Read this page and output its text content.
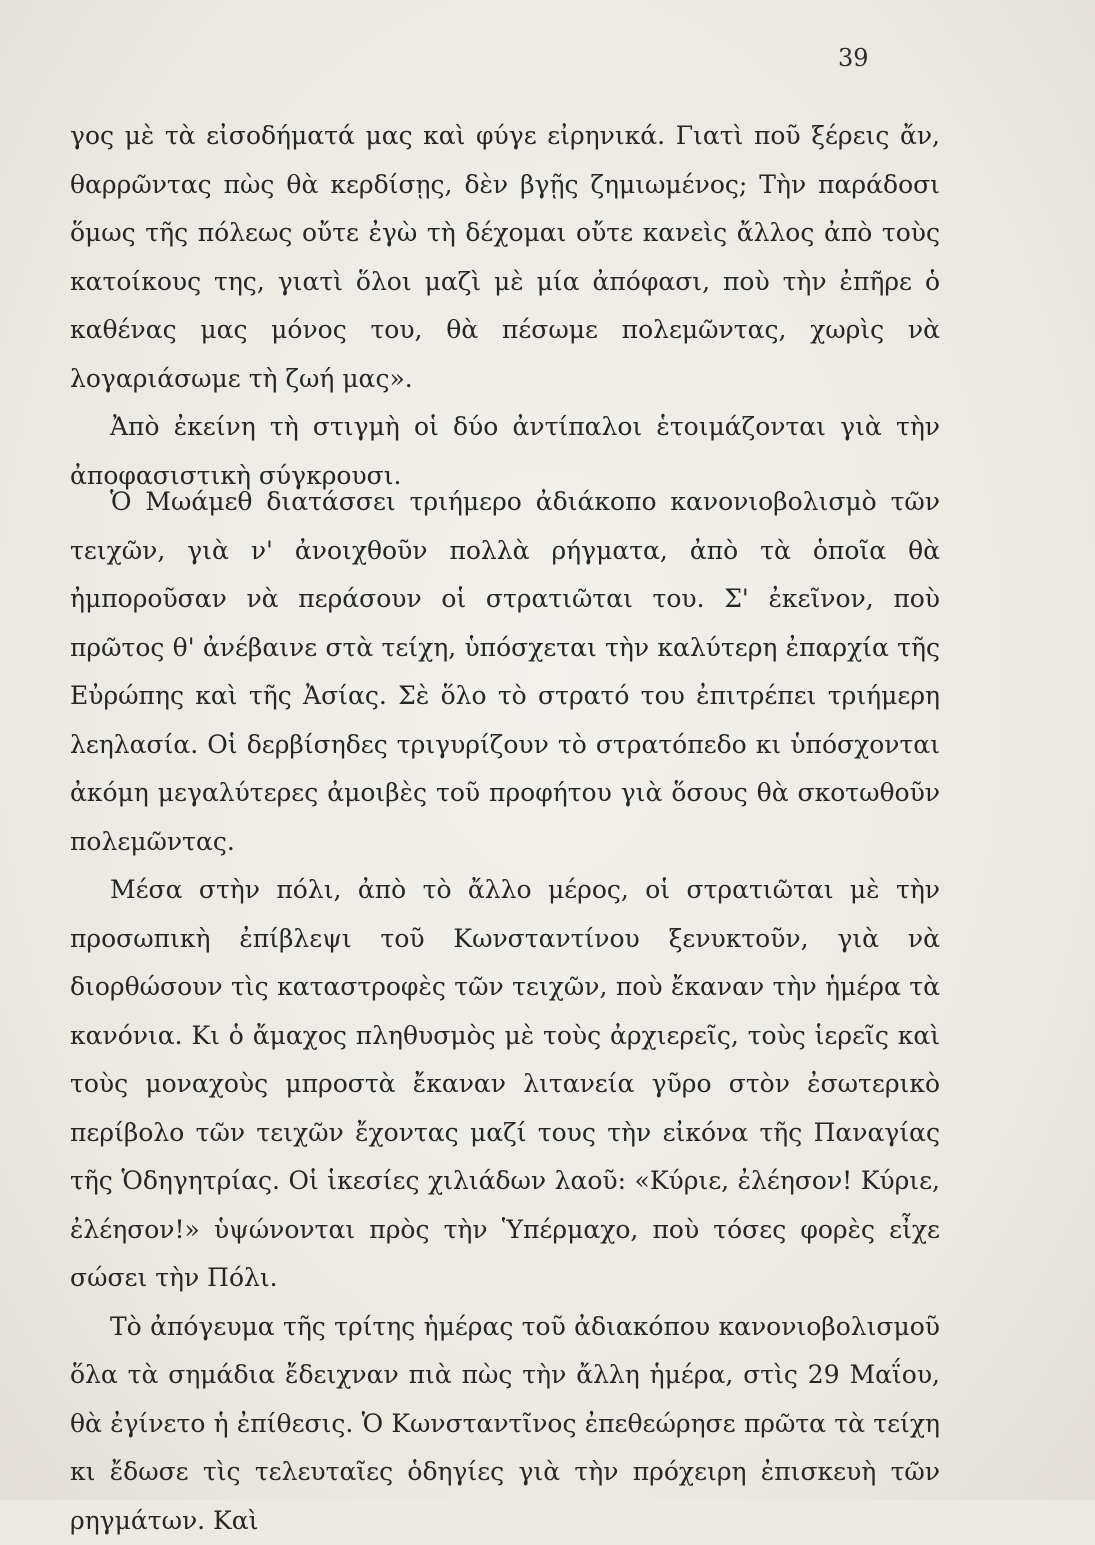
39

γος μὲ τὰ εἰσοδήματά μας καὶ φύγε εἰρηνικά. Γιατὶ ποῦ ξέρεις ἄν, θαρρῶντας πὼς θὰ κερδίσῃς, δὲν βγῇς ζημιωμένος; Τὴν παράδοσι ὅμως τῆς πόλεως οὔτε ἐγὼ τὴ δέχομαι οὔτε κανεὶς ἄλλος ἀπὸ τοὺς κατοίκους της, γιατὶ ὅλοι μαζὶ μὲ μία ἀπόφασι, ποὺ τὴν ἐπῆρε ὁ καθένας μας μόνος του, θὰ πέσωμε πολεμῶντας, χωρὶς νὰ λογαριάσωμε τὴ ζωή μας».

Ἀπὸ ἐκείνη τὴ στιγμὴ οἱ δύο ἀντίπαλοι ἑτοιμάζονται γιὰ τὴν ἀποφασιστικὴ σύγκρουσι.

Ὁ Μωάμεθ διατάσσει τριήμερο ἀδιάκοπο κανονιοβολισμὸ τῶν τειχῶν, γιὰ ν' ἀνοιχθοῦν πολλὰ ρήγματα, ἀπὸ τὰ ὁποῖα θὰ ἠμποροῦσαν νὰ περάσουν οἱ στρατιῶται του. Σ' ἐκεῖνον, ποὺ πρῶτος θ' ἀνέβαινε στὰ τείχη, ὑπόσχεται τὴν καλύτερη ἐπαρχία τῆς Εὐρώπης καὶ τῆς Ἀσίας. Σὲ ὅλο τὸ στρατό του ἐπιτρέπει τριήμερη λεηλασία. Οἱ δερβίσηδες τριγυρίζουν τὸ στρατόπεδο κι ὑπόσχονται ἀκόμη μεγαλύτερες ἀμοιβὲς τοῦ προφήτου γιὰ ὅσους θὰ σκοτωθοῦν πολεμῶντας.

Μέσα στὴν πόλι, ἀπὸ τὸ ἄλλο μέρος, οἱ στρατιῶται μὲ τὴν προσωπικὴ ἐπίβλεψι τοῦ Κωνσταντίνου ξενυκτοῦν, γιὰ νὰ διορθώσουν τὶς καταστροφὲς τῶν τειχῶν, ποὺ ἔκαναν τὴν ἡμέρα τὰ κανόνια. Κι ὁ ἄμαχος πληθυσμὸς μὲ τοὺς ἀρχιερεῖς, τοὺς ἱερεῖς καὶ τοὺς μοναχοὺς μπροστὰ ἔκαναν λιτανεία γῦρο στὸν ἐσωτερικὸ περίβολο τῶν τειχῶν ἔχοντας μαζί τους τὴν εἰκόνα τῆς Παναγίας τῆς Ὁδηγητρίας. Οἱ ἱκεσίες χιλιάδων λαοῦ: «Κύριε, ἐλέησον! Κύριε, ἐλέησον!» ὑψώνονται πρὸς τὴν Ὑπέρμαχο, ποὺ τόσες φορὲς εἶχε σώσει τὴν Πόλι.

Τὸ ἀπόγευμα τῆς τρίτης ἡμέρας τοῦ ἀδιακόπου κανονιοβολισμοῦ ὅλα τὰ σημάδια ἔδειχναν πιὰ πὼς τὴν ἄλλη ἡμέρα, στὶς 29 Μαΐου, θὰ ἐγίνετο ἡ ἐπίθεσις. Ὁ Κωνσταντῖνος ἐπεθεώρησε πρῶτα τὰ τείχη κι ἔδωσε τὶς τελευταῖες ὁδηγίες γιὰ τὴν πρόχειρη ἐπισκευὴ τῶν ρηγμάτων. Καὶ
